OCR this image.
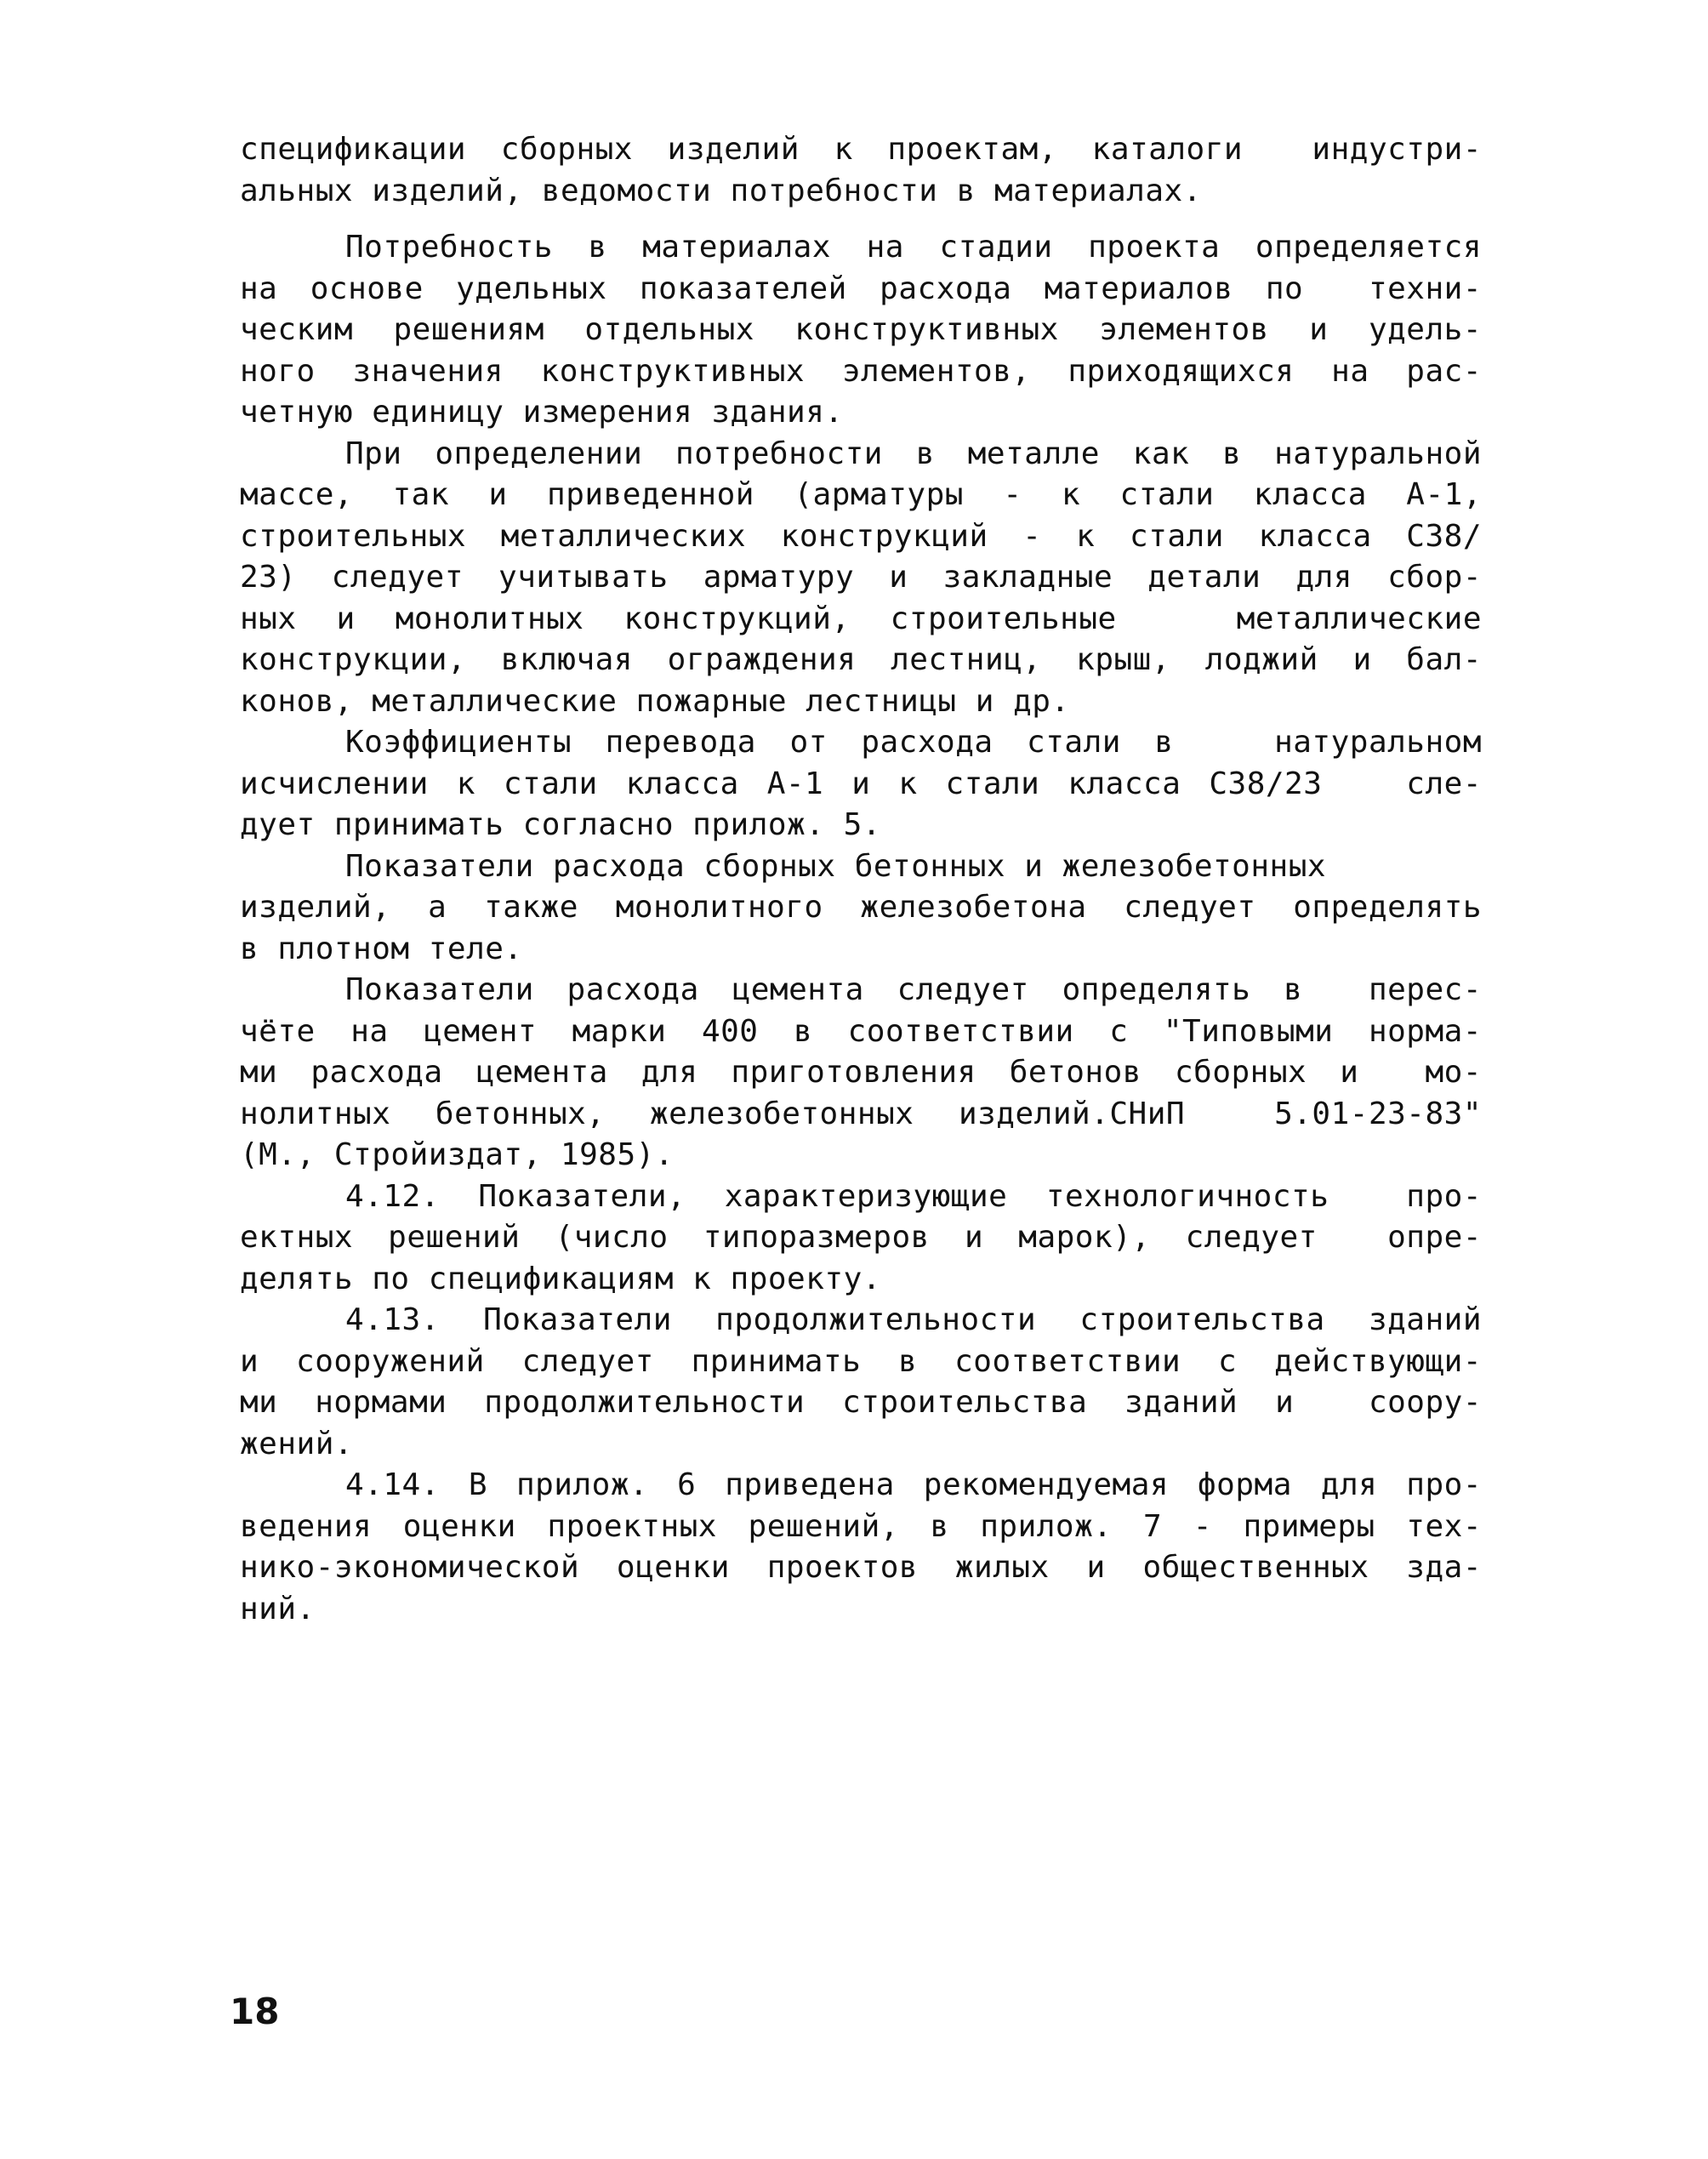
спецификации сборных изделий к проектам, каталоги  индустри-
альных изделий, ведомости потребности в материалах.
Потребность в материалах на стадии проекта определяется
на основе удельных показателей расхода материалов по  техни-
ческим решениям отдельных конструктивных элементов и удель-
ного значения конструктивных элементов, приходящихся на рас-
четную единицу измерения здания.
При определении потребности в металле как в натуральной
массе, так и приведенной (арматуры - к стали класса А-1,
строительных металлических конструкций - к стали класса С38/
23) следует учитывать арматуру и закладные детали для сбор-
ных и монолитных конструкций, строительные   металлические
конструкции, включая ограждения лестниц, крыш, лоджий и бал-
конов, металлические пожарные лестницы и др.
Коэффициенты перевода от расхода стали в   натуральном
исчислении к стали класса А-1 и к стали класса С38/23   сле-
дует принимать согласно прилож. 5.
Показатели расхода сборных бетонных и железобетонных
изделий, а также монолитного железобетона следует определять
в плотном теле.
Показатели расхода цемента следует определять в  перес-
чёте на цемент марки 400 в соответствии с "Типовыми норма-
ми расхода цемента для приготовления бетонов сборных и  мо-
нолитных бетонных, железобетонных изделий.СНиП  5.01-23-83"
(М., Стройиздат, 1985).
4.12. Показатели, характеризующие технологичность  про-
ектных решений (число типоразмеров и марок), следует  опре-
делять по спецификациям к проекту.
4.13. Показатели продолжительности строительства зданий
и сооружений следует принимать в соответствии с действующи-
ми нормами продолжительности строительства зданий и  соору-
жений.
4.14. В прилож. 6 приведена рекомендуемая форма для про-
ведения оценки проектных решений, в прилож. 7 - примеры тех-
нико-экономической оценки проектов жилых и общественных зда-
ний.
18
